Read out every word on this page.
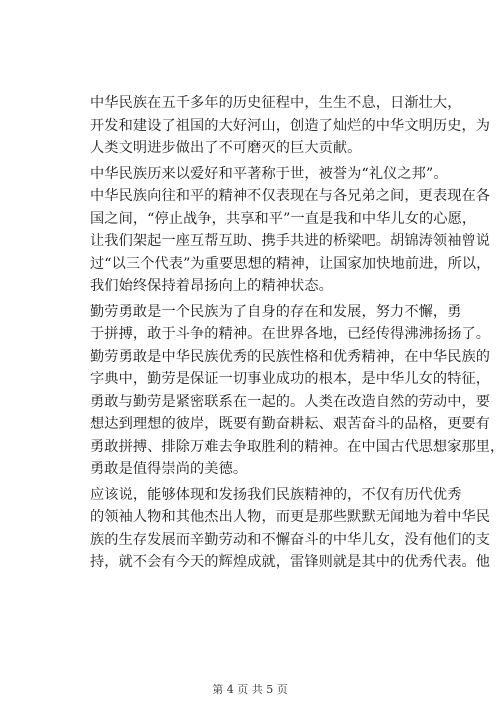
中华民族在五千多年的历史征程中，生生不息，日渐壮大，
开发和建设了祖国的大好河山，创造了灿烂的中华文明历史，为
人类文明进步做出了不可磨灭的巨大贡献。

中华民族历来以爱好和平著称于世，被誉为“礼仪之邦”。
中华民族向往和平的精神不仅表现在与各兄弟之间，更表现在各
国之间，“停止战争，共享和平”一直是我和中华儿女的心愿，
让我们架起一座互帮互助、携手共进的桥梁吧。胡锦涛领袖曾说
过“以三个代表”为重要思想的精神，让国家加快地前进，所以，
我们始终保持着昂扬向上的精神状态。

勤劳勇敢是一个民族为了自身的存在和发展，努力不懈，勇
于拼搏，敢于斗争的精神。在世界各地，已经传得沸沸扬扬了。
勤劳勇敢是中华民族优秀的民族性格和优秀精神，在中华民族的
字典中，勤劳是保证一切事业成功的根本，是中华儿女的特征，
勇敢与勤劳是紧密联系在一起的。人类在改造自然的劳动中，要
想达到理想的彼岸，既要有勤奋耕耘、艰苦奋斗的品格，更要有
勇敢拼搏、排除万难去争取胜利的精神。在中国古代思想家那里，
勇敢是值得崇尚的美德。

应该说，能够体现和发扬我们民族精神的，不仅有历代优秀
的领袖人物和其他杰出人物，而更是那些默默无闻地为着中华民
族的生存发展而辛勤劳动和不懈奋斗的中华儿女，没有他们的支
持，就不会有今天的辉煌成就，雷锋则就是其中的优秀代表。他

第 4 页 共 5 页
